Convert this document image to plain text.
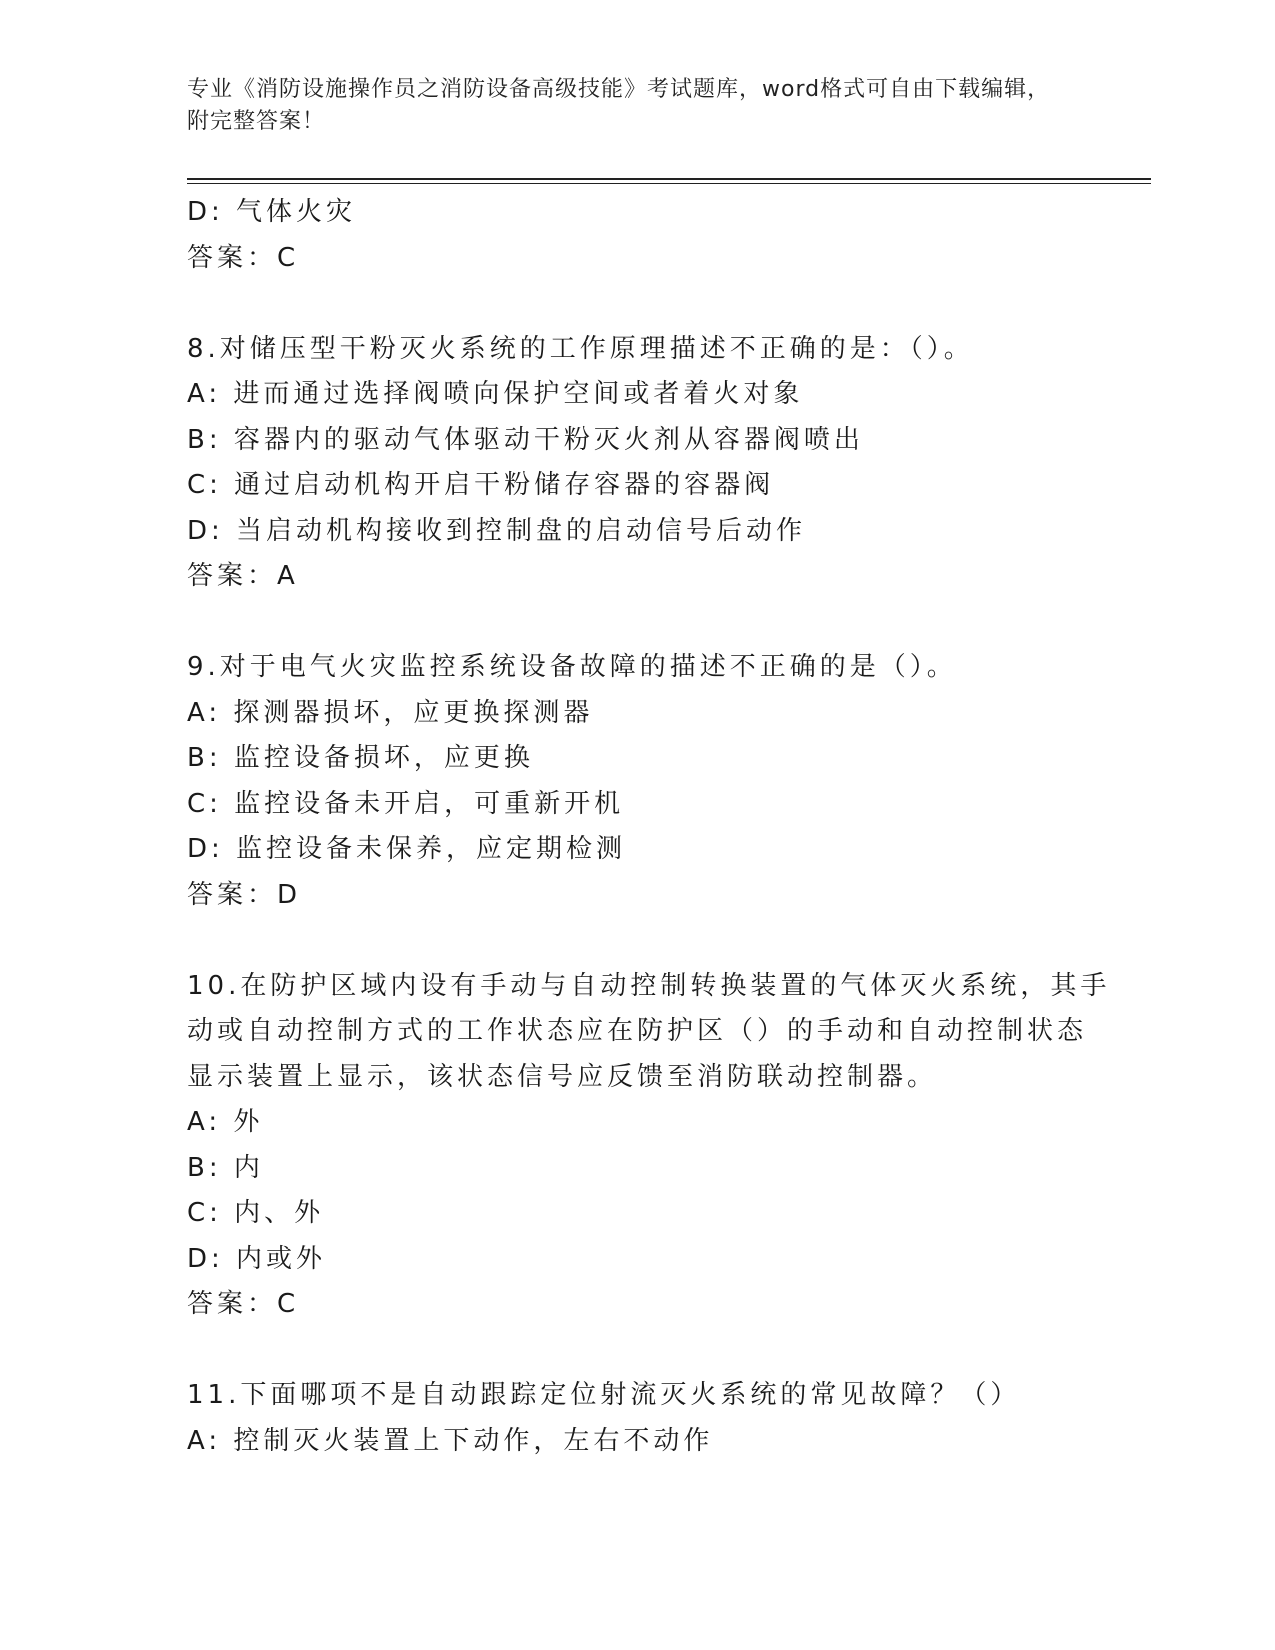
专业《消防设施操作员之消防设备高级技能》考试题库，word格式可自由下载编辑，附完整答案！
D: 气体火灾
答案：C
8.对储压型干粉灭火系统的工作原理描述不正确的是：（）。
A: 进而通过选择阀喷向保护空间或者着火对象
B: 容器内的驱动气体驱动干粉灭火剂从容器阀喷出
C: 通过启动机构开启干粉储存容器的容器阀
D: 当启动机构接收到控制盘的启动信号后动作
答案：A
9.对于电气火灾监控系统设备故障的描述不正确的是（）。
A: 探测器损坏，应更换探测器
B: 监控设备损坏，应更换
C: 监控设备未开启，可重新开机
D: 监控设备未保养，应定期检测
答案：D
10.在防护区域内设有手动与自动控制转换装置的气体灭火系统，其手
动或自动控制方式的工作状态应在防护区（）的手动和自动控制状态
显示装置上显示，该状态信号应反馈至消防联动控制器。
A: 外
B: 内
C: 内、外
D: 内或外
答案：C
11.下面哪项不是自动跟踪定位射流灭火系统的常见故障？（）
A: 控制灭火装置上下动作，左右不动作
